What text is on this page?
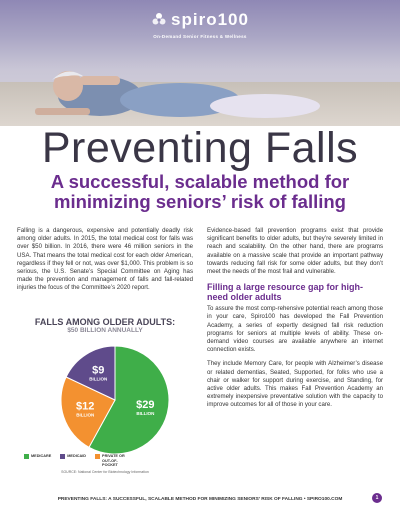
spiro100
On-Demand Senior Fitness & Wellness
Preventing Falls
A successful, scalable method for minimizing seniors’ risk of falling

Falling is a dangerous, expensive and potentially deadly risk among older adults. In 2015, the total medical cost for falls was over $50 billion. In 2016, there were 46 million seniors in the USA. That means the total medical cost for each older American, regardless if they fell or not, was over $1,000. This problem is so serious, the U.S. Senate’s Special Committee on Aging has made the prevention and management of falls and fall-related injuries the focus of the Committee’s 2020 report.

FALLS AMONG OLDER ADULTS:
$50 BILLION ANNUALLY
$29
BILLION
$12
BILLION
$9
BILLION
MEDICARE	MEDICAID	PRIVATE OR OUT-OF-POCKET
SOURCE: National Center for Biotechnology Information

Evidence-based fall prevention programs exist that provide significant benefits to older adults, but they’re severely limited in reach and scalability. On the other hand, there are programs available on a massive scale that provide an important pathway towards reducing fall risk for some older adults, but they don’t meet the needs of the most frail and vulnerable.

Filling a large resource gap for high-need older adults

To assure the most comp-rehensive potential reach among those in your care, Spiro100 has developed the Fall Prevention Academy, a series of expertly designed fall risk reduction programs for seniors at multiple levels of ability. These on-demand video courses are available anywhere an internet connection exists.

They include Memory Care, for people with Alzheimer’s disease or related dementias, Seated, Supported, for folks who use a chair or walker for support during exercise, and Standing, for active older adults. This makes Fall Prevention Academy an extremely inexpensive preventative solution with the capacity to improve outcomes for all of those in your care.

PREVENTING FALLS: A SUCCESSFUL, SCALABLE METHOD FOR MINIMIZING SENIORS’ RISK OF FALLING • SPIRO100.COM	1
